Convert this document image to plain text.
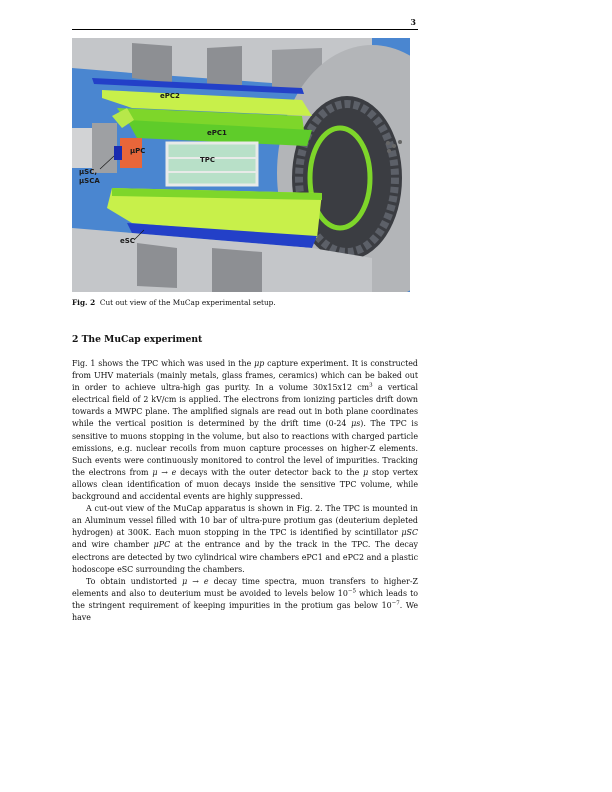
3
ePC2
ePC1
μPC
TPC
μSC,
μSCA
eSC
Fig. 2 Cut out view of the MuCap experimental setup.
2 The MuCap experiment

Fig. 1 shows the TPC which was used in the μp capture experiment. It is constructed from UHV materials (mainly metals, glass frames, ceramics) which can be baked out in order to achieve ultra-high gas purity. In a volume 30x15x12 $cm^3$ a vertical electrical field of 2 kV/cm is applied. The electrons from ionizing particles drift down towards a MWPC plane. The amplified signals are read out in both plane coordinates while the vertical position is determined by the drift time (0-24 μs). The TPC is sensitive to muons stopping in the volume, but also to reactions with charged particle emissions, e.g. nuclear recoils from muon capture processes on higher-Z elements. Such events were continuously monitored to control the level of impurities. Tracking the electrons from μ → e decays with the outer detector back to the μ stop vertex allows clean identification of muon decays inside the sensitive TPC volume, while background and accidental events are highly suppressed.

A cut-out view of the MuCap apparatus is shown in Fig. 2. The TPC is mounted in an Aluminum vessel filled with 10 bar of ultra-pure protium gas (deuterium depleted hydrogen) at 300K. Each muon stopping in the TPC is identified by scintillator μSC and wire chamber μPC at the entrance and by the track in the TPC. The decay electrons are detected by two cylindrical wire chambers ePC1 and ePC2 and a plastic hodoscope eSC surrounding the chambers.

To obtain undistorted μ → e decay time spectra, muon transfers to higher-Z elements and also to deuterium must be avoided to levels below $10^{-5}$ which leads to the stringent requirement of keeping impurities in the protium gas below $10^{-7}$. We have
